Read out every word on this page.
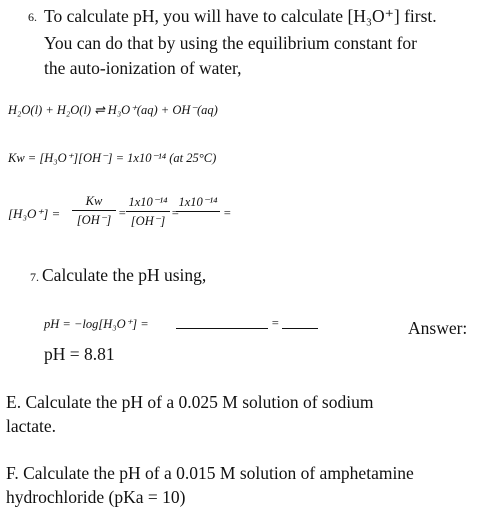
6. To calculate pH, you will have to calculate [H₃O⁺] first.
You can do that by using the equilibrium constant for
the auto-ionization of water,
H₂O(l) + H₂O(l) ⇌ H₃O⁺(aq) + OH⁻(aq)
Kw = [H₃O⁺][OH⁻] = 1x10⁻¹⁴ (at 25°C)
[H₃O⁺] =
Kw
[OH⁻] =
1x10⁻¹⁴
[OH⁻]
=
1x10⁻¹⁴

=
7. Calculate the pH using,
pH = −log[H₃O⁺] =	=	Answer:
pH = 8.81
E. Calculate the pH of a 0.025 M solution of sodium
lactate.
F. Calculate the pH of a 0.015 M solution of amphetamine
hydrochloride (pKa = 10)
